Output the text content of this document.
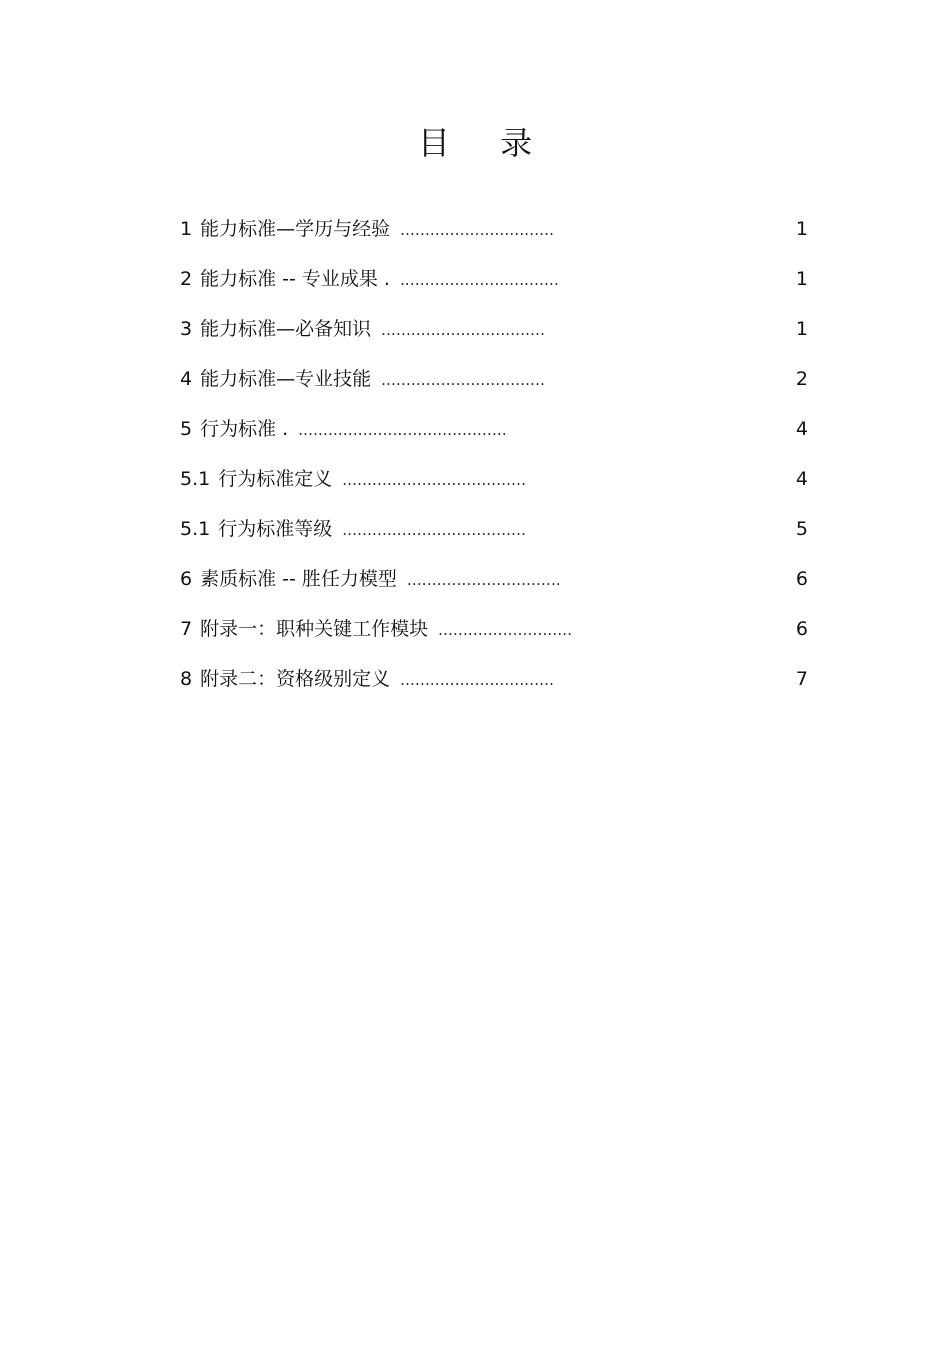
目 录
1 能力标准—学历与经验 ...............................	1
2 能力标准 -- 专业成果 . ................................	1
3 能力标准—必备知识 .................................	1
4 能力标准—专业技能 .................................	2
5 行为标准 . ..........................................	4
5.1 行为标准定义 .....................................	4
5.1 行为标准等级 .....................................	5
6 素质标准 -- 胜任力模型 ...............................	6
7 附录一：职种关键工作模块 ...........................	6
8 附录二：资格级别定义 ...............................	7
